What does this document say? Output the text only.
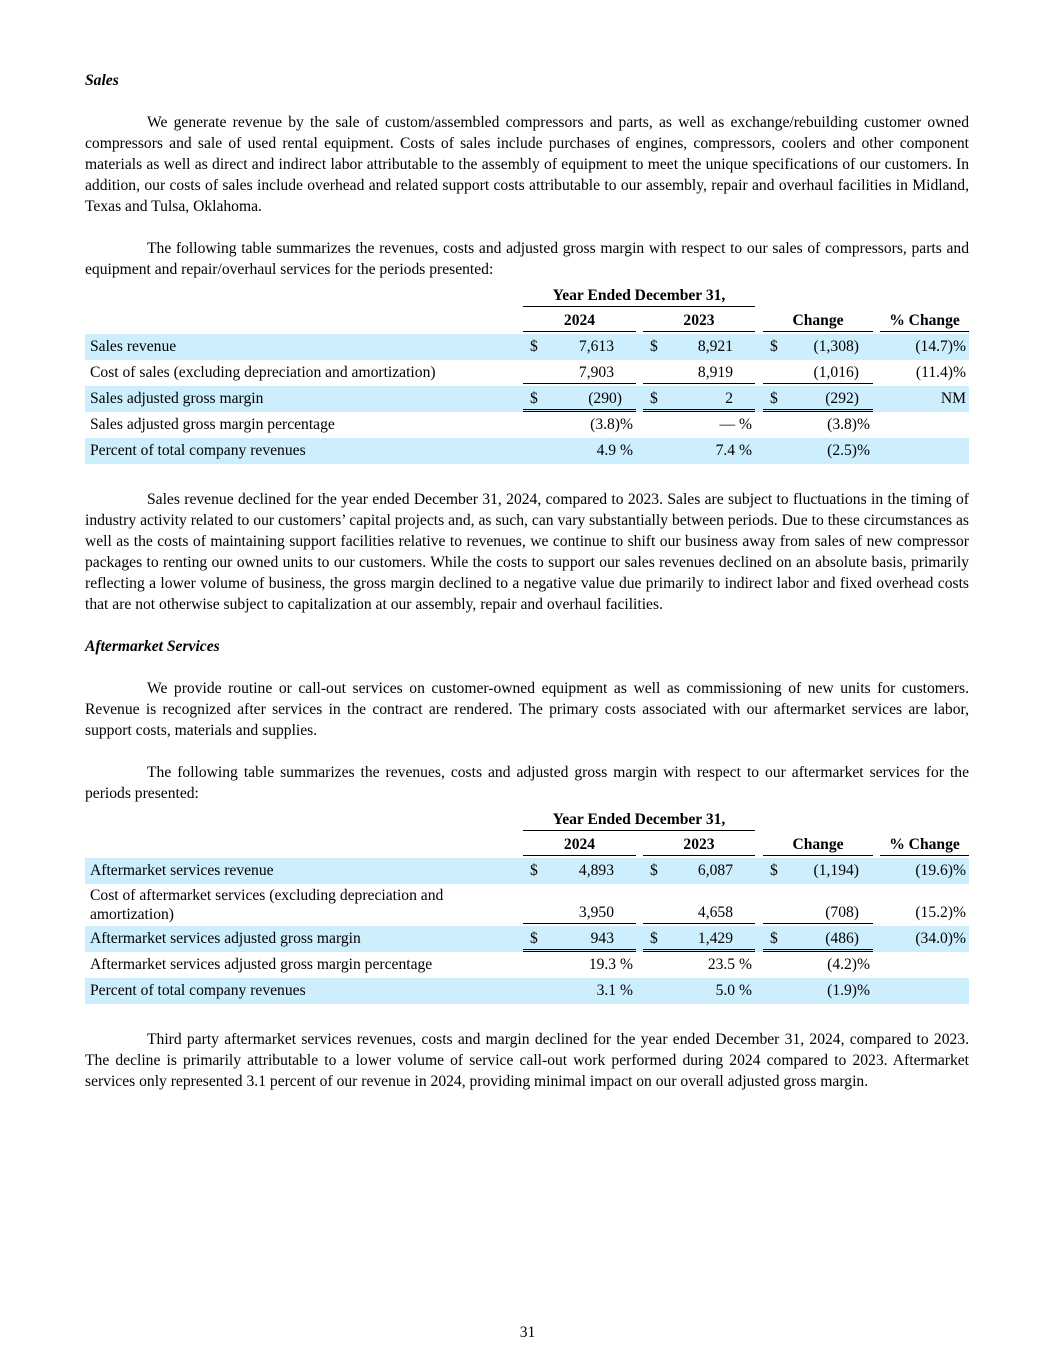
Sales

We generate revenue by the sale of custom/assembled compressors and parts, as well as exchange/rebuilding customer owned compressors and sale of used rental equipment. Costs of sales include purchases of engines, compressors, coolers and other component materials as well as direct and indirect labor attributable to the assembly of equipment to meet the unique specifications of our customers. In addition, our costs of sales include overhead and related support costs attributable to our assembly, repair and overhaul facilities in Midland, Texas and Tulsa, Oklahoma.

The following table summarizes the revenues, costs and adjusted gross margin with respect to our sales of compressors, parts and equipment and repair/overhaul services for the periods presented:

Year Ended December 31,
2024	2023	Change	% Change
Sales revenue	$	7,613 $	8,921 $ (1,308)	(14.7)%
Cost of sales (excluding depreciation and amortization)	7,903	8,919	(1,016)	(11.4)%
Sales adjusted gross margin	$	(290) $	2 $	(292)	NM
Sales adjusted gross margin percentage	(3.8)%	— %	(3.8)%
Percent of total company revenues	4.9 %	7.4 %	(2.5)%

Sales revenue declined for the year ended December 31, 2024, compared to 2023. Sales are subject to fluctuations in the timing of industry activity related to our customers’ capital projects and, as such, can vary substantially between periods. Due to these circumstances as well as the costs of maintaining support facilities relative to revenues, we continue to shift our business away from sales of new compressor packages to renting our owned units to our customers. While the costs to support our sales revenues declined on an absolute basis, primarily reflecting a lower volume of business, the gross margin declined to a negative value due primarily to indirect labor and fixed overhead costs that are not otherwise subject to capitalization at our assembly, repair and overhaul facilities.

Aftermarket Services

We provide routine or call-out services on customer-owned equipment as well as commissioning of new units for customers. Revenue is recognized after services in the contract are rendered. The primary costs associated with our aftermarket services are labor, support costs, materials and supplies.

The following table summarizes the revenues, costs and adjusted gross margin with respect to our aftermarket services for the periods presented:

Year Ended December 31,
2024	2023	Change	% Change
Aftermarket services revenue	$	4,893 $	6,087 $ (1,194)	(19.6)%
Cost of aftermarket services (excluding depreciation and amortization)	3,950	4,658	(708)	(15.2)%
Aftermarket services adjusted gross margin	$	943 $	1,429 $	(486)	(34.0)%
Aftermarket services adjusted gross margin percentage	19.3 %	23.5 %	(4.2)%
Percent of total company revenues	3.1 %	5.0 %	(1.9)%

Third party aftermarket services revenues, costs and margin declined for the year ended December 31, 2024, compared to 2023. The decline is primarily attributable to a lower volume of service call-out work performed during 2024 compared to 2023. Aftermarket services only represented 3.1 percent of our revenue in 2024, providing minimal impact on our overall adjusted gross margin.

31
